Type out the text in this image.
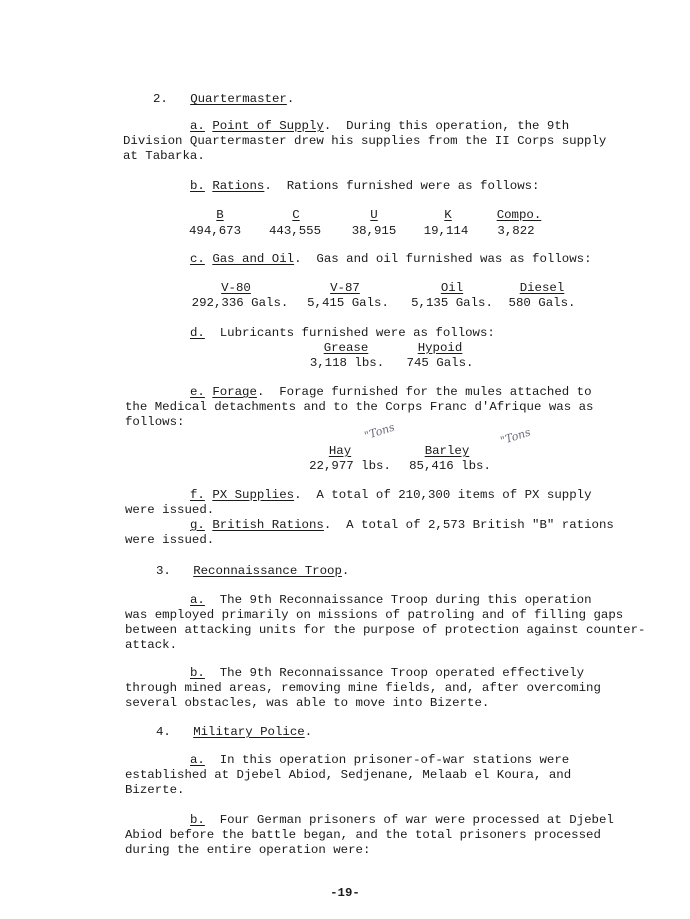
2. Quartermaster.
a. Point of Supply.  During this operation, the 9th
Division Quartermaster drew his supplies from the II Corps supply
at Tabarka.
b. Rations.  Rations furnished were as follows:
B	C	U	K	Compo.
494,673	443,555	38,915	19,114	3,822
c. Gas and Oil.  Gas and oil furnished was as follows:
V-80	V-87	Oil	Diesel
292,336 Gals.	5,415 Gals.	5,135 Gals.	580 Gals.
d. Lubricants furnished were as follows:
Grease	Hypoid
3,118 lbs.	745 Gals.
e. Forage.  Forage furnished for the mules attached to
the Medical detachments and to the Corps Franc d'Afrique was as
follows:	"Tons	"Tons
Hay	Barley
22,977 lbs.	85,416 lbs.
f. PX Supplies.  A total of 210,300 items of PX supply
were issued.
g. British Rations.  A total of 2,573 British "B" rations
were issued.
3. Reconnaissance Troop.
a. The 9th Reconnaissance Troop during this operation
was employed primarily on missions of patroling and of filling gaps
between attacking units for the purpose of protection against counter-
attack.
b. The 9th Reconnaissance Troop operated effectively
through mined areas, removing mine fields, and, after overcoming
several obstacles, was able to move into Bizerte.
4. Military Police.
a. In this operation prisoner-of-war stations were
established at Djebel Abiod, Sedjenane, Melaab el Koura, and
Bizerte.
b. Four German prisoners of war were processed at Djebel
Abiod before the battle began, and the total prisoners processed
during the entire operation were:
-19-
